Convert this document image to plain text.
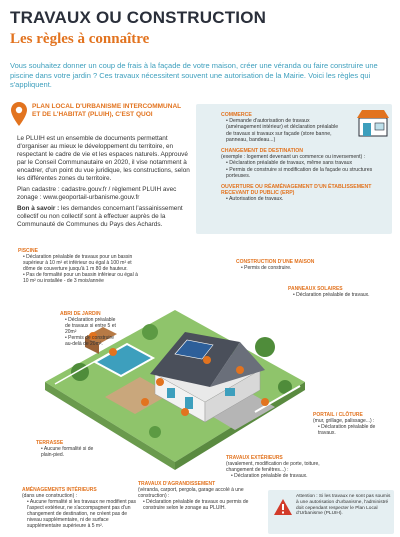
TRAVAUX OU CONSTRUCTION
Les règles à connaître
Vous souhaitez donner un coup de frais à la façade de votre maison, créer une véranda ou faire construire une piscine dans votre jardin ? Ces travaux nécessitent souvent une autorisation de la Mairie. Voici les règles qui s'appliquent.
PLAN LOCAL D'URBANISME INTERCOMMUNAL ET DE L'HABITAT (PLUIH), C'EST QUOI

Le PLUIH est un ensemble de documents permettant d'organiser au mieux le développement du territoire, en respectant le cadre de vie et les espaces naturels. Approuvé par le Conseil Communautaire en 2020, il vise notamment à encadrer, d'un point du vue juridique, les constructions, selon les différentes zones du territoire.

Plan cadastre : cadastre.gouv.fr / règlement PLUIH avec zonage : www.geoportail-urbanisme.gouv.fr

Bon à savoir : les demandes concernant l'assainissement collectif ou non collectif sont à effectuer auprès de la Communauté de Communes du Pays des Achards.

COMMERCE
• Demande d'autorisation de travaux (aménagement intérieur) et déclaration préalable de travaux si travaux sur façade (store banne, panneau, bandeau...)
CHANGEMENT DE DESTINATION
(exemple : logement devenant un commerce ou inversement) :
• Déclaration préalable de travaux, même sans travaux
• Permis de construire si modification de la façade ou structures porteuses.
OUVERTURE OU RÉAMÉNAGEMENT D'UN ÉTABLISSEMENT RECEVANT DU PUBLIC (ERP)
• Autorisation de travaux.
PISCINE
• Déclaration préalable de travaux pour un bassin supérieur à 10 m² et inférieur ou égal à 100 m² et dôme de couverture jusqu'à 1 m 80 de hauteur.
• Pas de formalité pour un bassin inférieur ou égal à 10 m² ou installée - de 3 mois/année
ABRI DE JARDIN
• Déclaration préalable de travaux si entre 5 et 20m²
• Permis de construire au-delà de 20m².
CONSTRUCTION D'UNE MAISON
• Permis de construire.
PANNEAUX SOLAIRES
• Déclaration préalable de travaux.
PORTAIL / CLÔTURE
(mur, grillage, palissage...) :
• Déclaration préalable de travaux.
TRAVAUX EXTÉRIEURS
(ravalement, modification de porte, toiture, changement de fenêtres...) :
• Déclaration préalable de travaux.
TERRASSE
• Aucune formalité si de plain-pied.
TRAVAUX D'AGRANDISSEMENT
(véranda, carport, pergola, garage accolé à une construction) :
• Déclaration préalable de travaux ou permis de construire selon le zonage au PLUIH.
AMÉNAGEMENTS INTÉRIEURS
(dans une construction) :
• Aucune formalité si les travaux ne modifient pas l'aspect extérieur, ne s'accompagnent pas d'un changement de destination, ne créent pas de niveau supplémentaire, ni de surface supplémentaire supérieure à 5 m².
Attention : Si les travaux ne sont pas soumis à une autorisation d'urbanisme, l'administré doit cependant respecter le Plan Local d'Urbanisme (PLUIH).
